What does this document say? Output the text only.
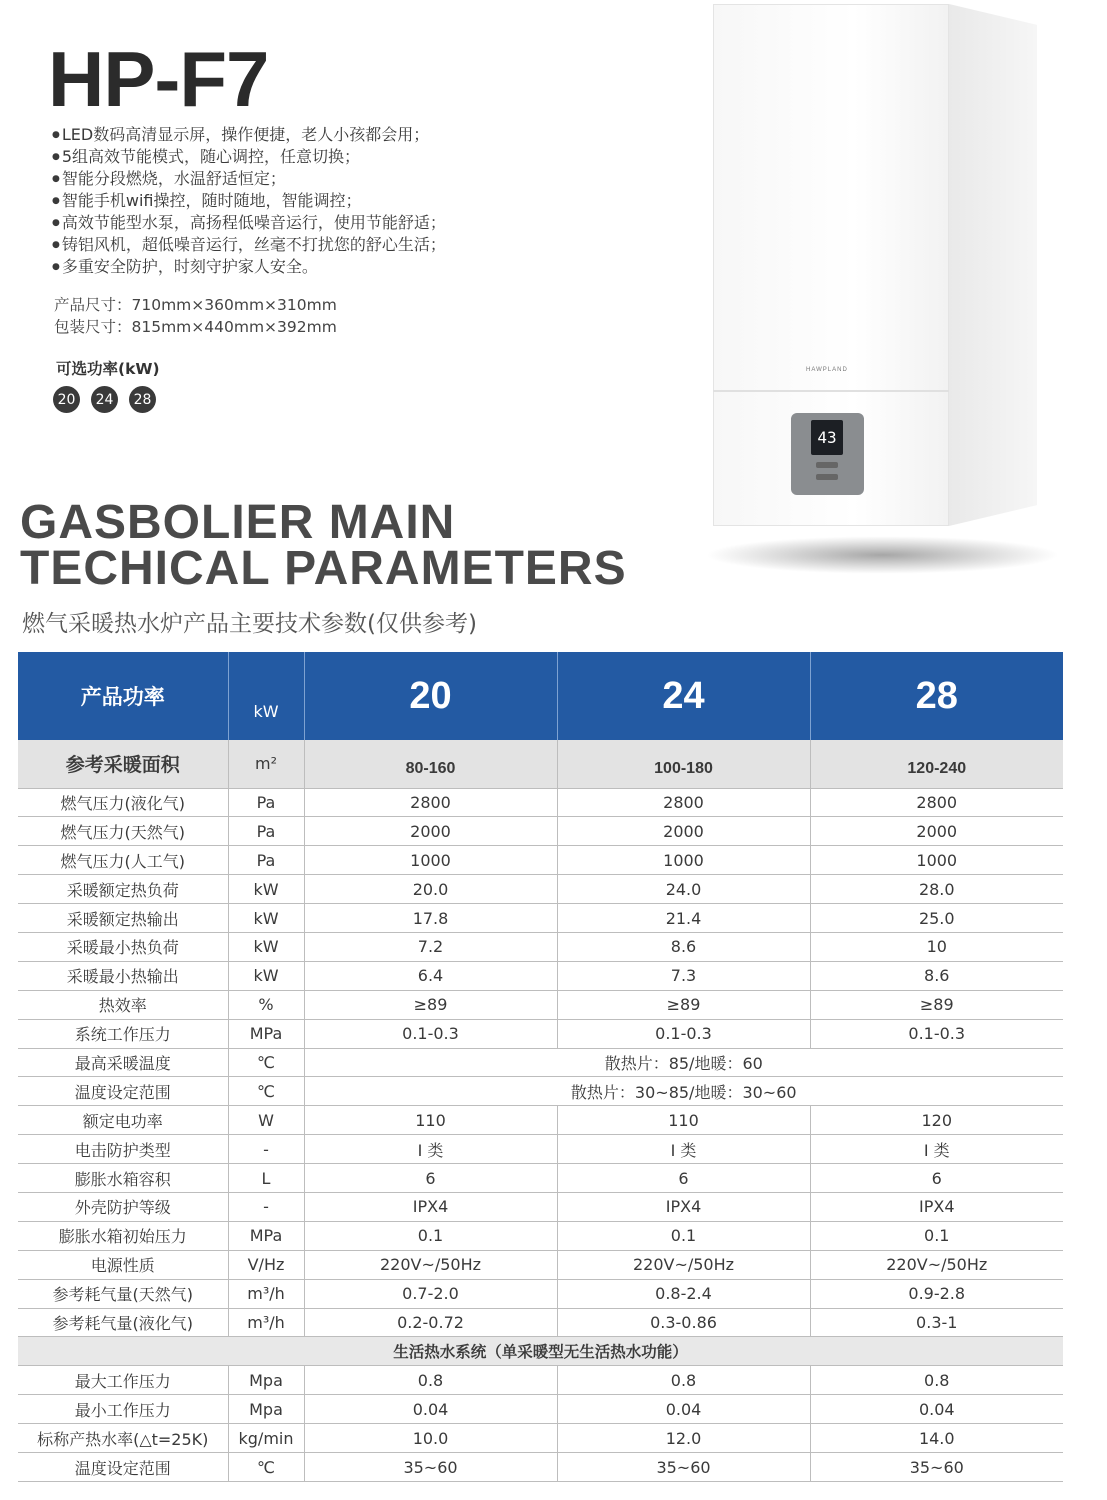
HP-F7
● LED数码高清显示屏，操作便捷，老人小孩都会用；
● 5组高效节能模式，随心调控，任意切换；
● 智能分段燃烧，水温舒适恒定；
● 智能手机wifi操控，随时随地，智能调控；
● 高效节能型水泵，高扬程低噪音运行，使用节能舒适；
● 铸铝风机，超低噪音运行，丝毫不打扰您的舒心生活；
● 多重安全防护，时刻守护家人安全。
产品尺寸：710mm×360mm×310mm
包装尺寸：815mm×440mm×392mm
可选功率(kW)
20	24	28
HAWPLAND
43
GASBOLIER MAIN
TECHICAL PARAMETERS
燃气采暖热水炉产品主要技术参数(仅供参考)
产品功率	kW	20	24	28
参考采暖面积	m²	80-160	100-180	120-240
燃气压力(液化气)	Pa	2800	2800	2800
燃气压力(天然气)	Pa	2000	2000	2000
燃气压力(人工气)	Pa	1000	1000	1000
采暖额定热负荷	kW	20.0	24.0	28.0
采暖额定热输出	kW	17.8	21.4	25.0
采暖最小热负荷	kW	7.2	8.6	10
采暖最小热输出	kW	6.4	7.3	8.6
热效率	%	≥89	≥89	≥89
系统工作压力	MPa	0.1-0.3	0.1-0.3	0.1-0.3
最高采暖温度	℃	散热片：85/地暖：60		
温度设定范围	℃	散热片：30~85/地暖：30~60		
额定电功率	W	110	110	120
电击防护类型	-	I 类	I 类	I 类
膨胀水箱容积	L	6	6	6
外壳防护等级	-	IPX4	IPX4	IPX4
膨胀水箱初始压力	MPa	0.1	0.1	0.1
电源性质	V/Hz	220V~/50Hz	220V~/50Hz	220V~/50Hz
参考耗气量(天然气)	m³/h	0.7-2.0	0.8-2.4	0.9-2.8
参考耗气量(液化气)	m³/h	0.2-0.72	0.3-0.86	0.3-1
生活热水系统（单采暖型无生活热水功能）				
最大工作压力	Mpa	0.8	0.8	0.8
最小工作压力	Mpa	0.04	0.04	0.04
标称产热水率(△t=25K)	kg/min	10.0	12.0	14.0
温度设定范围	℃	35~60	35~60	35~60
